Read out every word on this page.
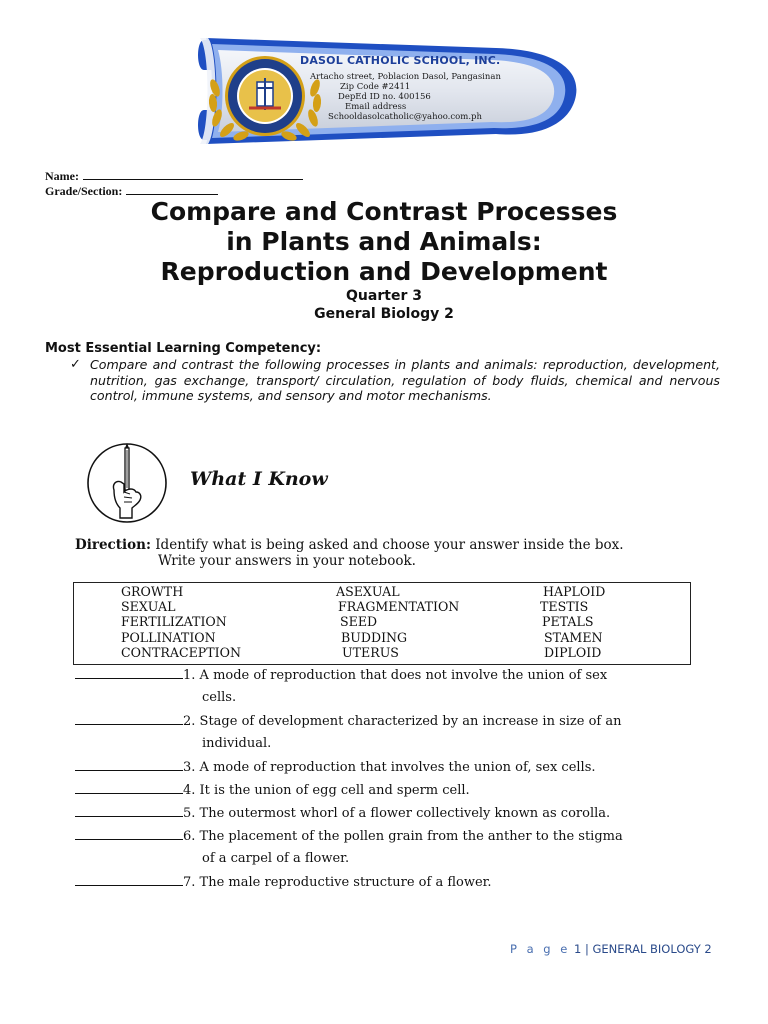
DASOL CATHOLIC SCHOOL, INC.
Artacho street, Poblacion Dasol, Pangasinan
Zip Code #2411
DepEd ID no. 400156
Email address
Schooldasolcatholic@yahoo.com.ph
Name:
Grade/Section:
Compare and Contrast Processes
in Plants and Animals:
Reproduction and Development
Quarter 3
General Biology 2
Most Essential Learning Competency:
✓ Compare and contrast the following processes in plants and animals: reproduction, development, nutrition, gas exchange, transport/ circulation, regulation of body fluids, chemical and nervous control, immune systems, and sensory and motor mechanisms.
What I Know
Direction: Identify what is being asked and choose your answer inside the box.
Write your answers in your notebook.
GROWTH	ASEXUAL	HAPLOID
SEXUAL	FRAGMENTATION	TESTIS
FERTILIZATION	SEED	PETALS
POLLINATION	BUDDING	STAMEN
CONTRACEPTION	UTERUS	DIPLOID
1. A mode of reproduction that does not involve the union of sex
cells.
2. Stage of development characterized by an increase in size of an
individual.
3. A mode of reproduction that involves the union of, sex cells.
4. It is the union of egg cell and sperm cell.
5. The outermost whorl of a flower collectively known as corolla.
6. The placement of the pollen grain from the anther to the stigma
of a carpel of a flower.
7. The male reproductive structure of a flower.
P a g e 1 | GENERAL BIOLOGY 2
